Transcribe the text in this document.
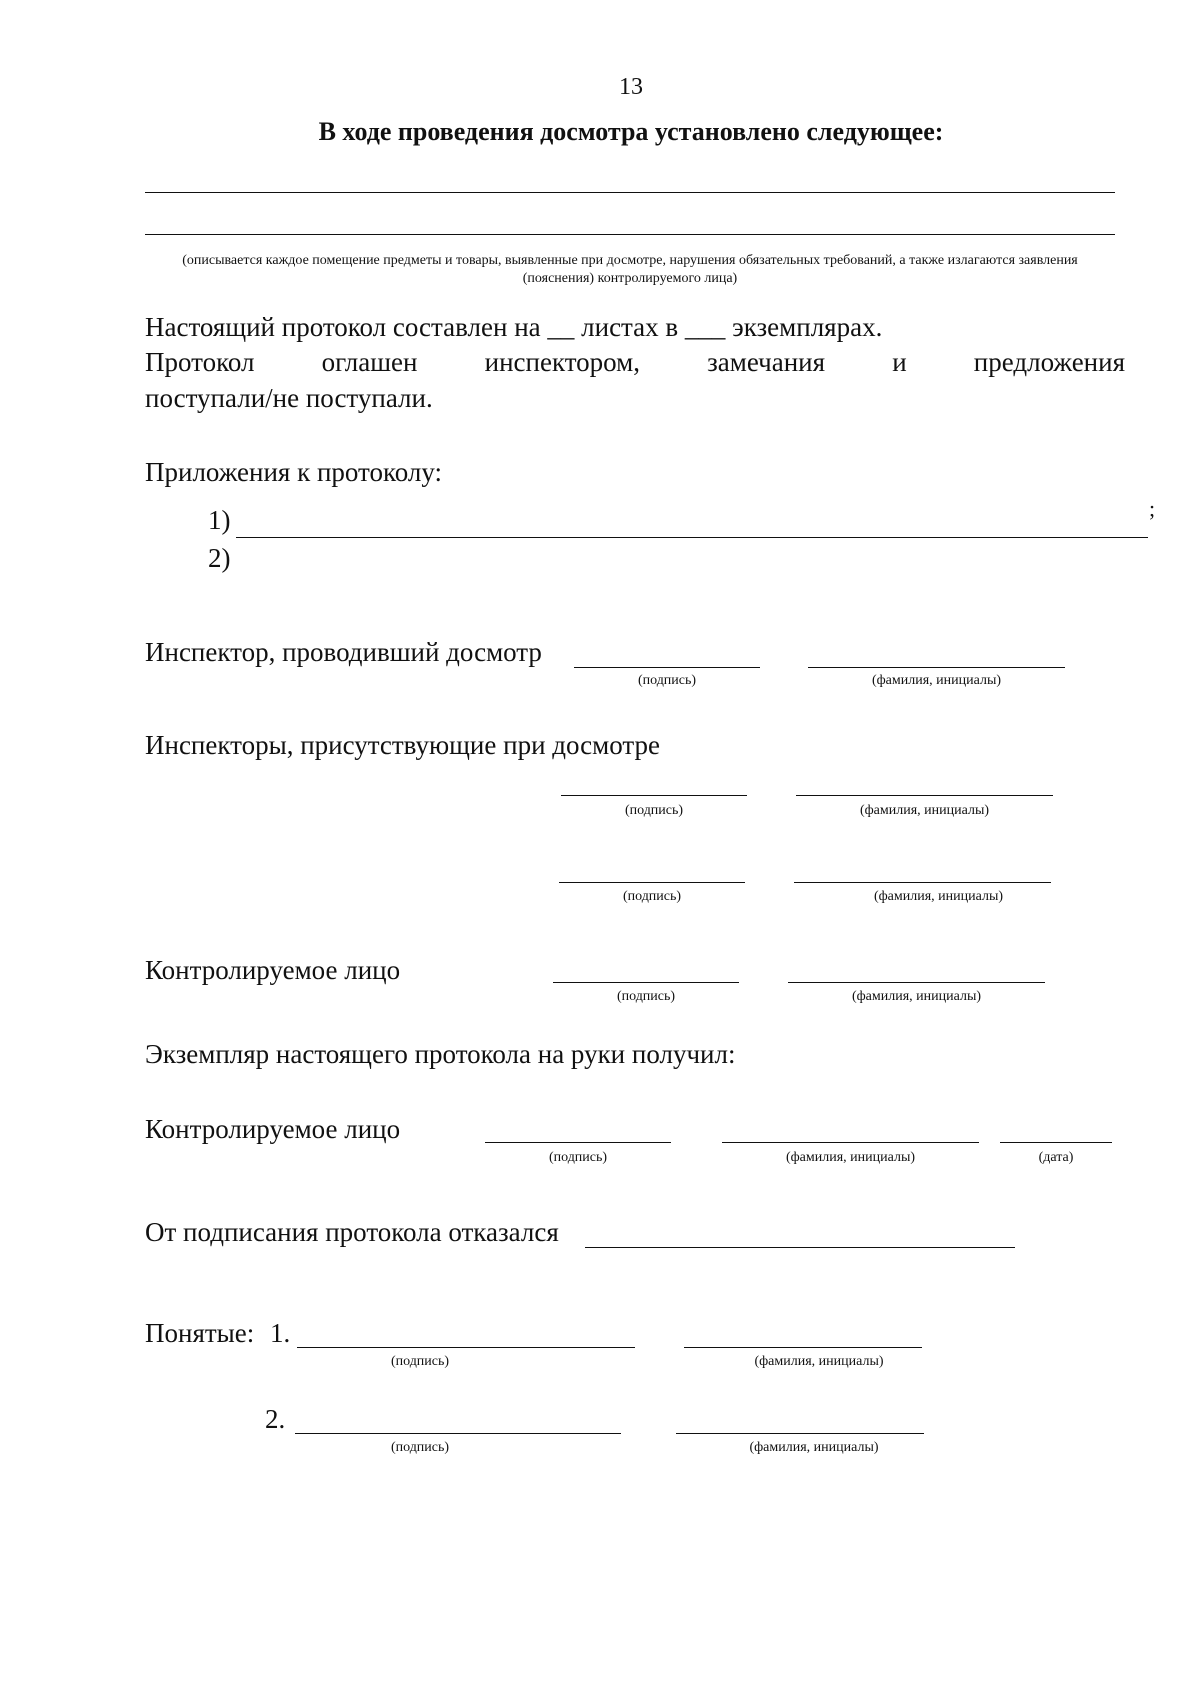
13
В ходе проведения досмотра установлено следующее:
(описывается каждое помещение предметы и товары, выявленные при досмотре, нарушения обязательных требований, а также излагаются заявления (пояснения) контролируемого лица)
Настоящий протокол составлен на __ листах в ___ экземплярах.
Протокол оглашен инспектором, замечания и предложения
поступали/не поступали.
Приложения к протоколу:
1)	;
2)
Инспектор, проводивший досмотр
(подпись)	(фамилия, инициалы)
Инспекторы, присутствующие при досмотре
(подпись)	(фамилия, инициалы)
(подпись)	(фамилия, инициалы)
Контролируемое лицо
(подпись)	(фамилия, инициалы)
Экземпляр настоящего протокола на руки получил:
Контролируемое лицо
(подпись)	(фамилия, инициалы)	(дата)
От подписания протокола отказался
Понятые: 1.
(подпись)	(фамилия, инициалы)
2.
(подпись)	(фамилия, инициалы)
